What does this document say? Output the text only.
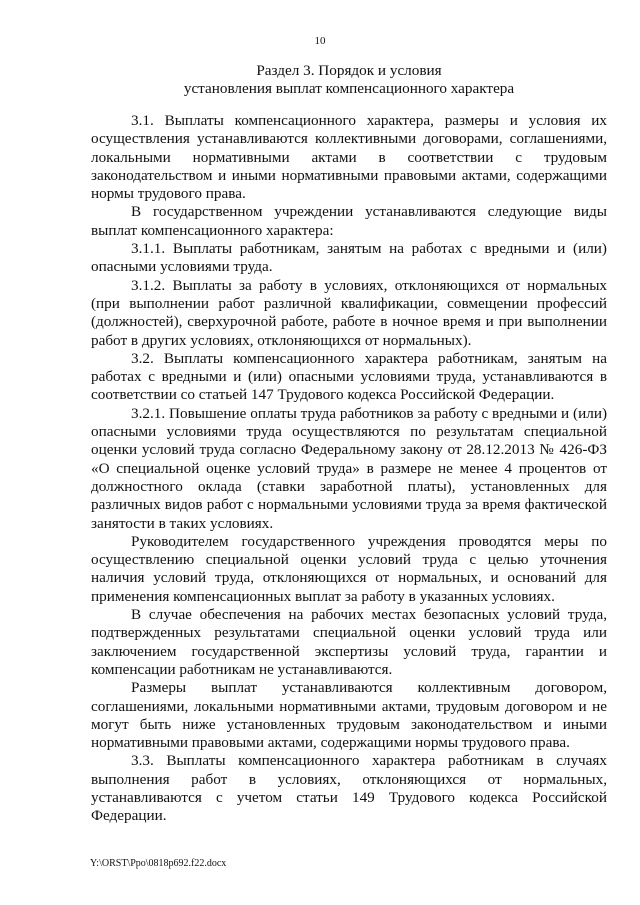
10
Раздел 3. Порядок и условия
установления выплат компенсационного характера

3.1. Выплаты компенсационного характера, размеры и условия их осуществления устанавливаются коллективными договорами, соглашениями, локальными нормативными актами в соответствии с трудовым законодательством и иными нормативными правовыми актами, содержащими нормы трудового права.

В государственном учреждении устанавливаются следующие виды выплат компенсационного характера:

3.1.1. Выплаты работникам, занятым на работах с вредными и (или) опасными условиями труда.

3.1.2. Выплаты за работу в условиях, отклоняющихся от нормальных (при выполнении работ различной квалификации, совмещении профессий (должностей), сверхурочной работе, работе в ночное время и при выполнении работ в других условиях, отклоняющихся от нормальных).

3.2. Выплаты компенсационного характера работникам, занятым на работах с вредными и (или) опасными условиями труда, устанавливаются в соответствии со статьей 147 Трудового кодекса Российской Федерации.

3.2.1. Повышение оплаты труда работников за работу с вредными и (или) опасными условиями труда осуществляются по результатам специальной оценки условий труда согласно Федеральному закону от 28.12.2013 № 426-ФЗ «О специальной оценке условий труда» в размере не менее 4 процентов от должностного оклада (ставки заработной платы), установленных для различных видов работ с нормальными условиями труда за время фактической занятости в таких условиях.

Руководителем государственного учреждения проводятся меры по осуществлению специальной оценки условий труда с целью уточнения наличия условий труда, отклоняющихся от нормальных, и оснований для применения компенсационных выплат за работу в указанных условиях.

В случае обеспечения на рабочих местах безопасных условий труда, подтвержденных результатами специальной оценки условий труда или заключением государственной экспертизы условий труда, гарантии и компенсации работникам не устанавливаются.

Размеры выплат устанавливаются коллективным договором, соглашениями, локальными нормативными актами, трудовым договором и не могут быть ниже установленных трудовым законодательством и иными нормативными правовыми актами, содержащими нормы трудового права.

3.3. Выплаты компенсационного характера работникам в случаях выполнения работ в условиях, отклоняющихся от нормальных, устанавливаются с учетом статьи 149 Трудового кодекса Российской Федерации.

Y:\ORST\Ppo\0818p692.f22.docx
